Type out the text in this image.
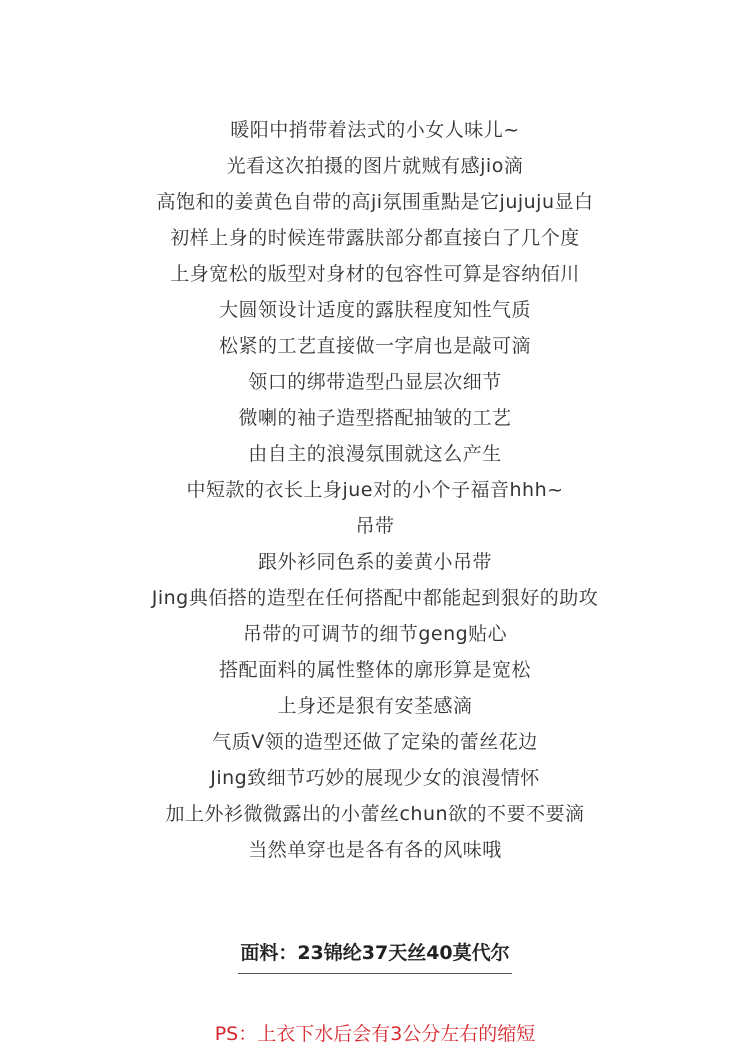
暖阳中捎带着法式的小女人味儿~
光看这次拍摄的图片就贼有感jio滴
高饱和的姜黄色自带的高ji氛围重點是它jujuju显白
初样上身的时候连带露肤部分都直接白了几个度
上身宽松的版型对身材的包容性可算是容纳佰川
大圆领设计适度的露肤程度知性气质
松紧的工艺直接做一字肩也是敲可滴
领口的绑带造型凸显层次细节
微喇的袖子造型搭配抽皱的工艺
由自主的浪漫氛围就这么产生
中短款的衣长上身jue对的小个子福音hhh~
吊带
跟外衫同色系的姜黄小吊带
Jing典佰搭的造型在任何搭配中都能起到狠好的助攻
吊带的可调节的细节geng贴心
搭配面料的属性整体的廓形算是宽松
上身还是狠有安荃感滴
气质V领的造型还做了定染的蕾丝花边
Jing致细节巧妙的展现少女的浪漫情怀
加上外衫微微露出的小蕾丝chun欲的不要不要滴
当然单穿也是各有各的风味哦
面料：23锦纶37天丝40莫代尔
PS：上衣下水后会有3公分左右的缩短
